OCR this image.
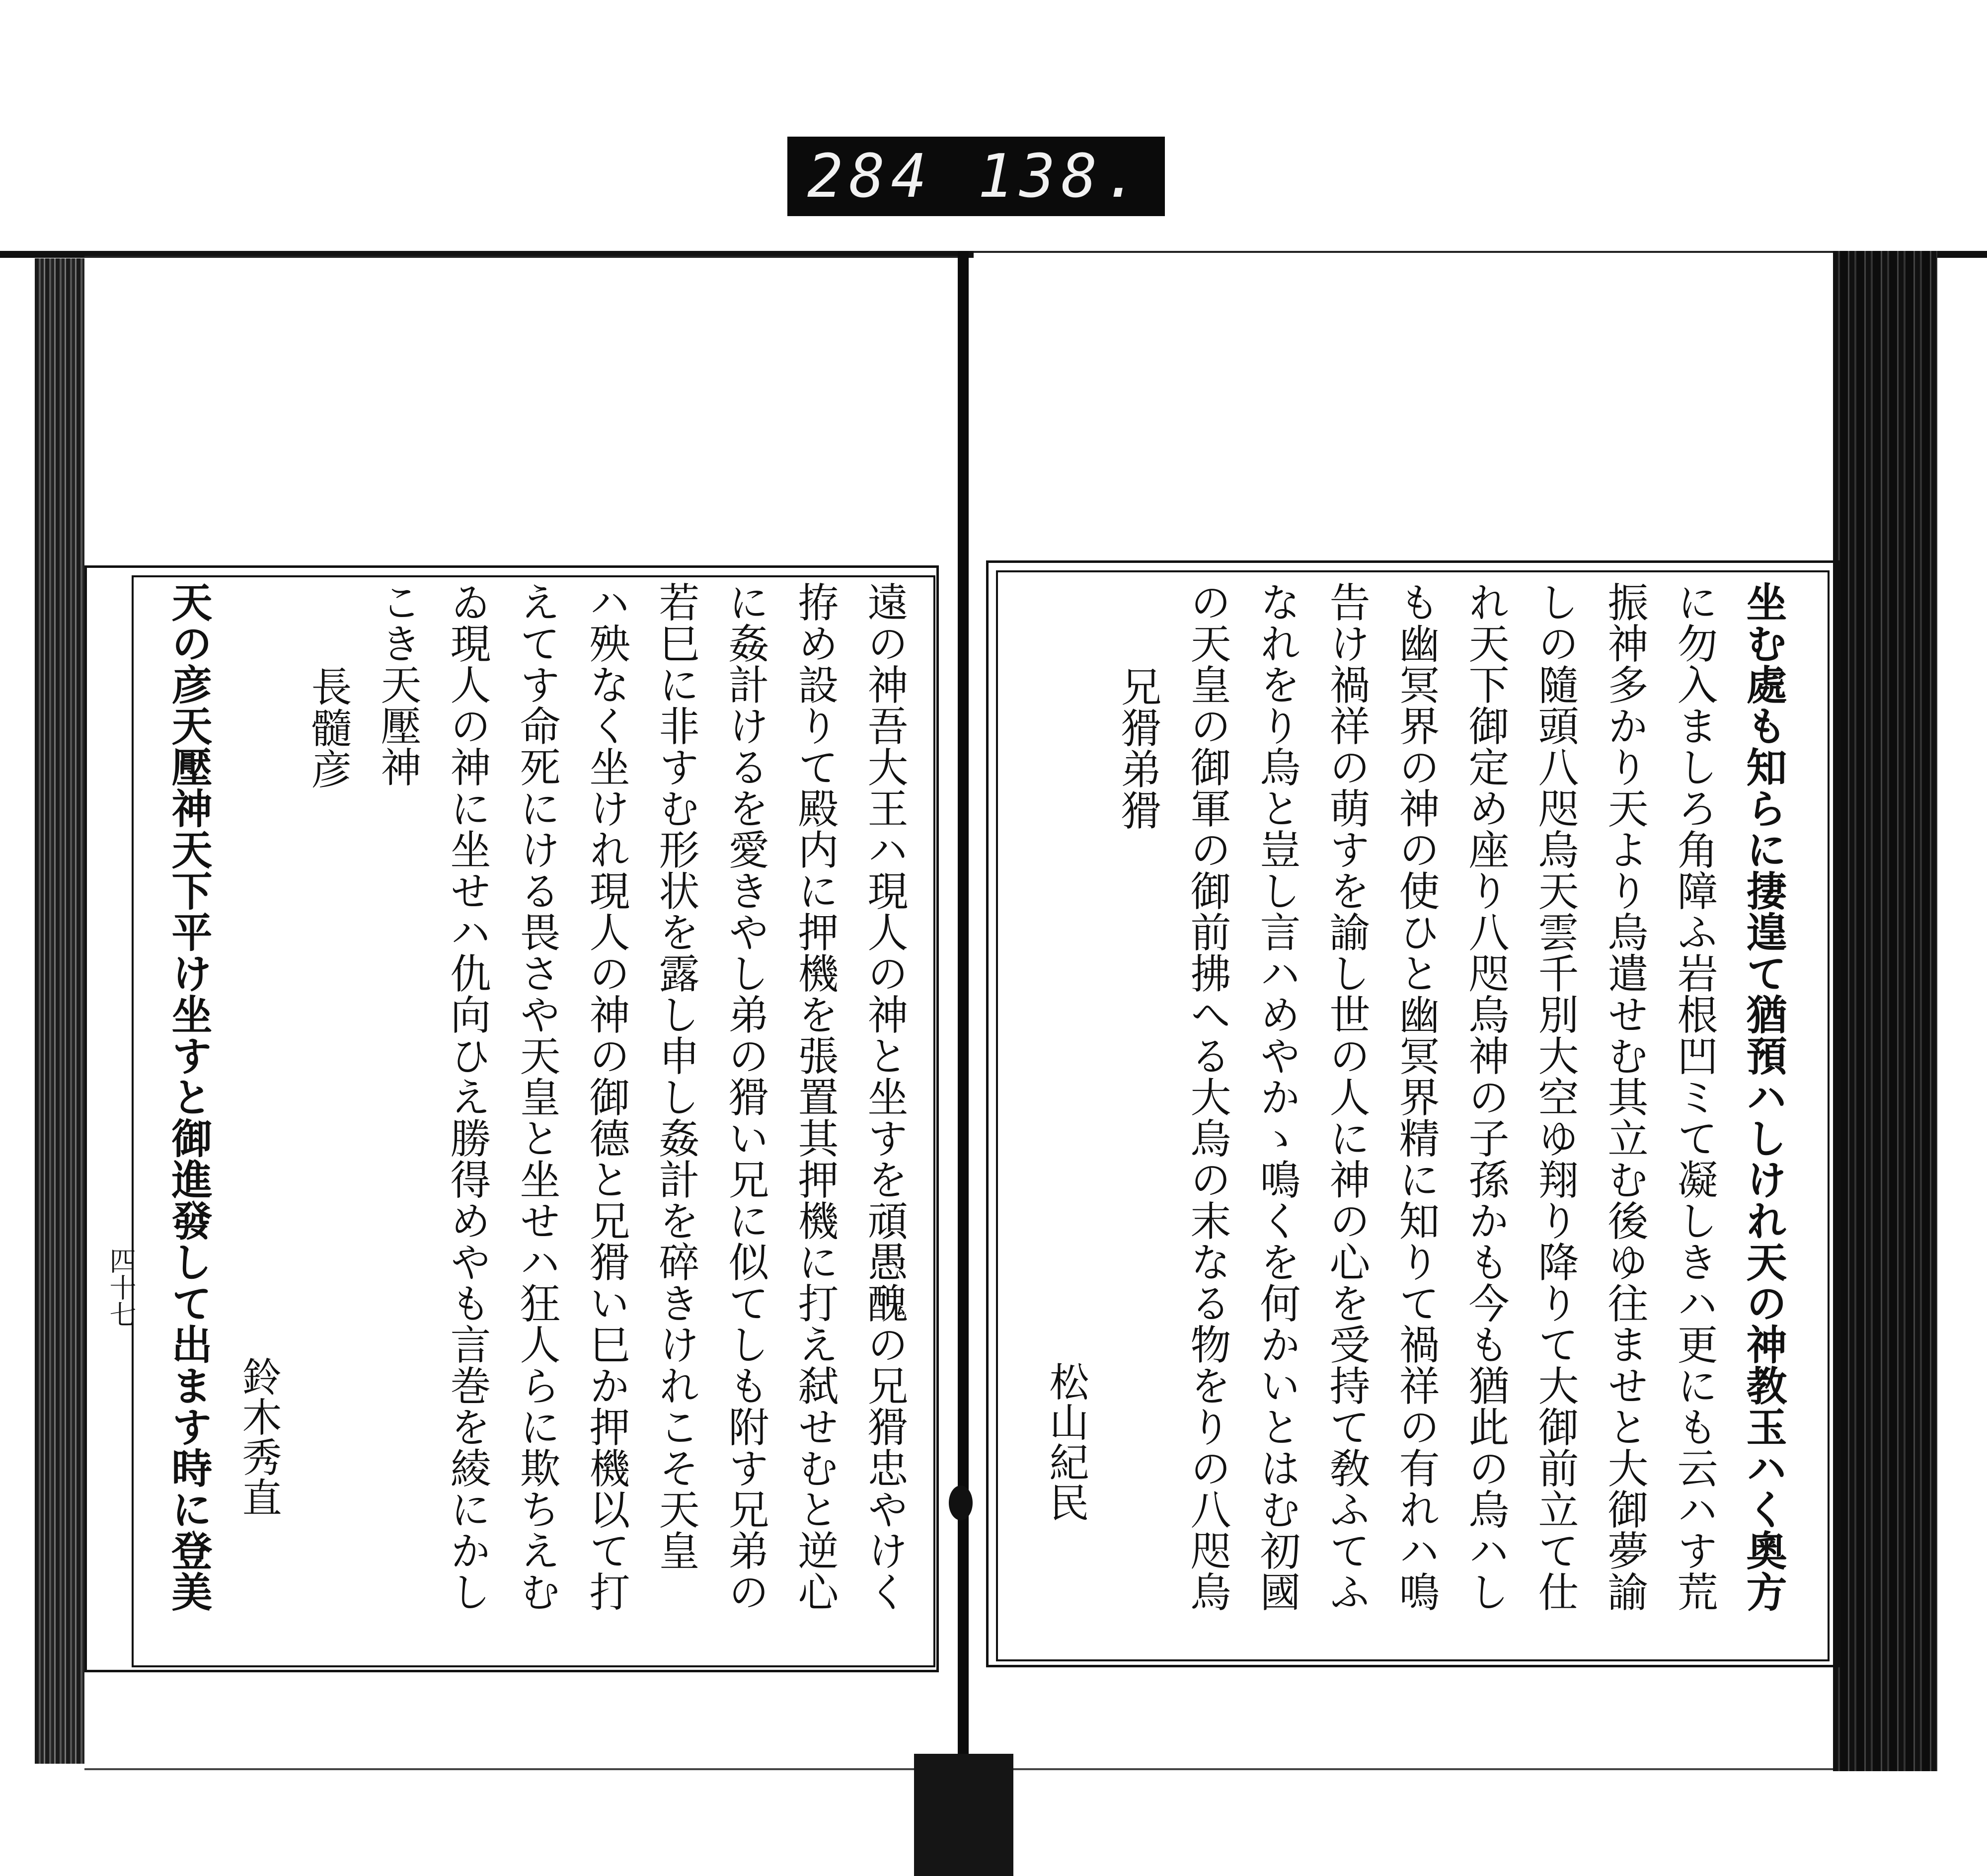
284 138.
坐む處も知らに捿遑て猶預ハしけれ天の神教玉ハく奧方
に勿入ましろ角障ふ岩根凹ミて凝しきハ更にも云ハす荒
振神多かり天より烏遣せむ其立む後ゆ往ませと大御夢諭
しの隨頭八咫烏天雲千別大空ゆ翔り降りて大御前立て仕
れ天下御定め座り八咫烏神の子孫かも今も猶此の烏ハし
も幽冥界の神の使ひと幽冥界精に知りて禍祥の有れハ鳴
告け禍祥の萌すを諭し世の人に神の心を受持て敎ふてふ
なれをり烏と豈し言ハめやかゝ鳴くを何かいとはむ初國
の天皇の御軍の御前拂へる大烏の末なる物をりの八咫烏
兄猾弟猾
松山紀民
遠の神吾大王ハ現人の神と坐すを頑愚醜の兄猾忠やけく
拵め設りて殿内に押機を張置其押機に打え弑せむと逆心
に姦計けるを愛きやし弟の猾い兄に似てしも附す兄弟の
若巳に非すむ形状を露し申し姦計を碎きけれこそ天皇
ハ殃なく坐けれ現人の神の御德と兄猾い巳か押機以て打
えてす命死にける畏さや天皇と坐せハ狂人らに欺ちえむ
ゐ現人の神に坐せハ仇向ひえ勝得めやも言巻を綾にかし
こき天壓神
長髓彦
鈴木秀直
天の彦天壓神天下平け坐すと御進發して出ます時に登美
四十七
